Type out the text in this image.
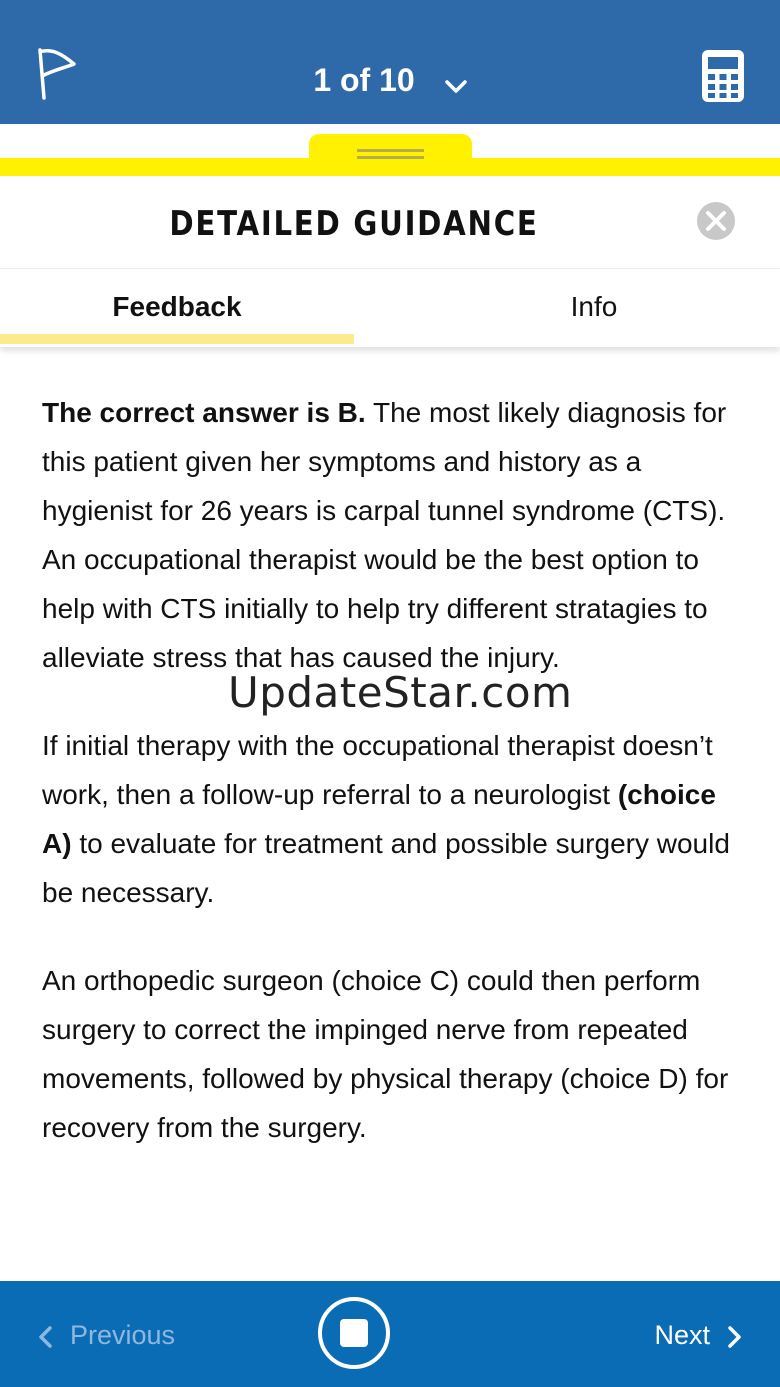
1 of 10
DETAILED GUIDANCE
Feedback	Info

The correct answer is B. The most likely diagnosis for this patient given her symptoms and history as a hygienist for 26 years is carpal tunnel syndrome (CTS). An occupational therapist would be the best option to help with CTS initially to help try different stratagies to alleviate stress that has caused the injury.

If initial therapy with the occupational therapist doesn’t work, then a follow-up referral to a neurologist (choice A) to evaluate for treatment and possible surgery would be necessary.

An orthopedic surgeon (choice C) could then perform surgery to correct the impinged nerve from repeated movements, followed by physical therapy (choice D) for recovery from the surgery.

UpdateStar.com
Previous	Next
